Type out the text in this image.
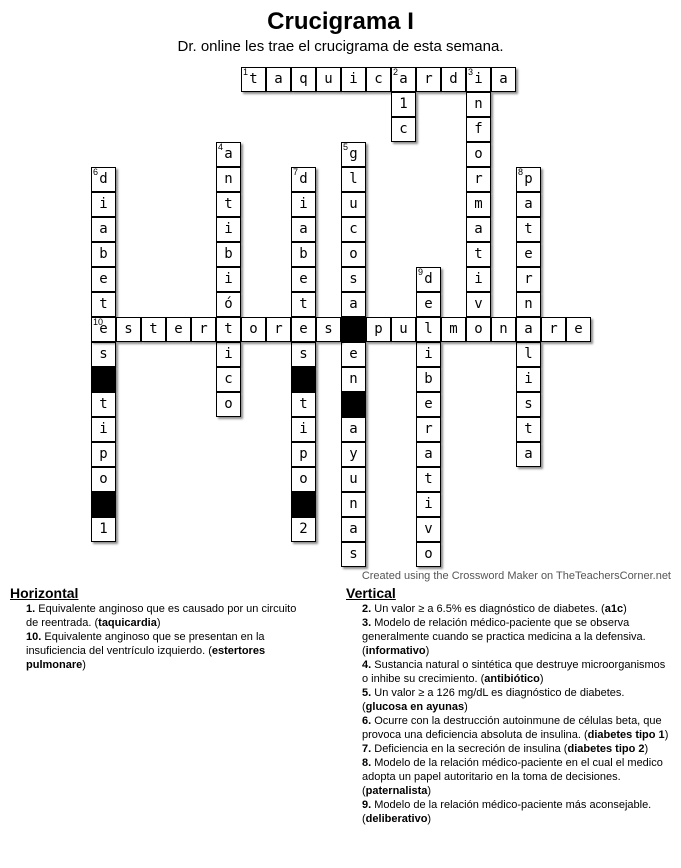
Crucigrama I
Dr. online les trae el crucigrama de esta semana.
t
1	a	q	u	i	c	a
2	r	d	i
3	a
1
c
n
f
o
r
m
a
t
i
v
a
4
n
t
i
b
i
ó
i
c
o
g
5
l
u
c
o
s
a
e
n
a
y
u
n
a
s
d
6
i
a
b
e
t
s
t
i
p
o
1
d
7
i
a
b
e
t
s
t
i
p
o
2
p
8
a
t
e
r
n
l
i
s
t
a
d
9
e
i
b
e
r
a
t
i
v
o
e
10	s	t	e	r	t	o	r	e	s	p	u	l	m	o	n	a	r	e
Created using the Crossword Maker on TheTeachersCorner.net
Horizontal
1. Equivalente anginoso que es causado por un circuito de reentrada. (taquicardia)
10. Equivalente anginoso que se presentan en la insuficiencia del ventrículo izquierdo. (estertores pulmonare)
Vertical
2. Un valor ≥ a 6.5% es diagnóstico de diabetes. (a1c)
3. Modelo de relación médico-paciente que se observa generalmente cuando se practica medicina a la defensiva. (informativo)
4. Sustancia natural o sintética que destruye microorganismos o inhibe su crecimiento. (antibiótico)
5. Un valor ≥ a 126 mg/dL es diagnóstico de diabetes. (glucosa en ayunas)
6. Ocurre con la destrucción autoinmune de células beta, que provoca una deficiencia absoluta de insulina. (diabetes tipo 1)
7. Deficiencia en la secreción de insulina (diabetes tipo 2)
8. Modelo de la relación médico-paciente en el cual el medico adopta un papel autoritario en la toma de decisiones. (paternalista)
9. Modelo de la relación médico-paciente más aconsejable. (deliberativo)
